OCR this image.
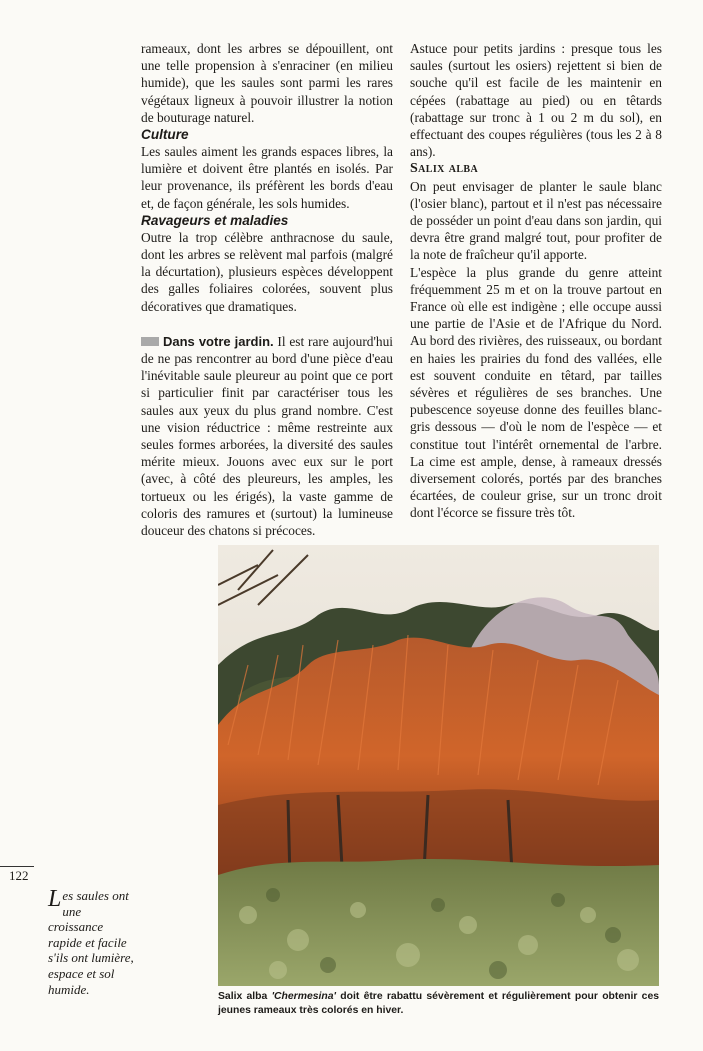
rameaux, dont les arbres se dépouillent, ont une telle propension à s'enraciner (en milieu humide), que les saules sont parmi les rares végétaux ligneux à pouvoir illustrer la notion de bouturage naturel.

Culture

Les saules aiment les grands espaces libres, la lumière et doivent être plantés en isolés. Par leur provenance, ils préfèrent les bords d'eau et, de façon générale, les sols humides.

Ravageurs et maladies

Outre la trop célèbre anthracnose du saule, dont les arbres se relèvent mal parfois (malgré la décurtation), plusieurs espèces développent des galles foliaires colorées, souvent plus décoratives que dramatiques.

Dans votre jardin. Il est rare aujourd'hui de ne pas rencontrer au bord d'une pièce d'eau l'inévitable saule pleureur au point que ce port si particulier finit par caractériser tous les saules aux yeux du plus grand nombre. C'est une vision réductrice : même restreinte aux seules formes arborées, la diversité des saules mérite mieux. Jouons avec eux sur le port (avec, à côté des pleureurs, les amples, les tortueux ou les érigés), la vaste gamme de coloris des ramures et (surtout) la lumineuse douceur des chatons si précoces.

Astuce pour petits jardins : presque tous les saules (surtout les osiers) rejettent si bien de souche qu'il est facile de les maintenir en cépées (rabattage au pied) ou en têtards (rabattage sur tronc à 1 ou 2 m du sol), en effectuant des coupes régulières (tous les 2 à 8 ans).

Salix alba

On peut envisager de planter le saule blanc (l'osier blanc), partout et il n'est pas nécessaire de posséder un point d'eau dans son jardin, qui devra être grand malgré tout, pour profiter de la note de fraîcheur qu'il apporte.

L'espèce la plus grande du genre atteint fréquemment 25 m et on la trouve partout en France où elle est indigène ; elle occupe aussi une partie de l'Asie et de l'Afrique du Nord. Au bord des rivières, des ruisseaux, ou bordant en haies les prairies du fond des vallées, elle est souvent conduite en têtard, par tailles sévères et régulières de ses branches. Une pubescence soyeuse donne des feuilles blanc-gris dessous — d'où le nom de l'espèce — et constitue tout l'intérêt ornemental de l'arbre. La cime est ample, dense, à rameaux dressés diversement colorés, portés par des branches écartées, de couleur grise, sur un tronc droit dont l'écorce se fissure très tôt.

Salix alba 'Chermesina' doit être rabattu sévèrement et régulièrement pour obtenir ces jeunes rameaux très colorés en hiver.
122
Les saules ont une croissance rapide et facile s'ils ont lumière, espace et sol humide.
